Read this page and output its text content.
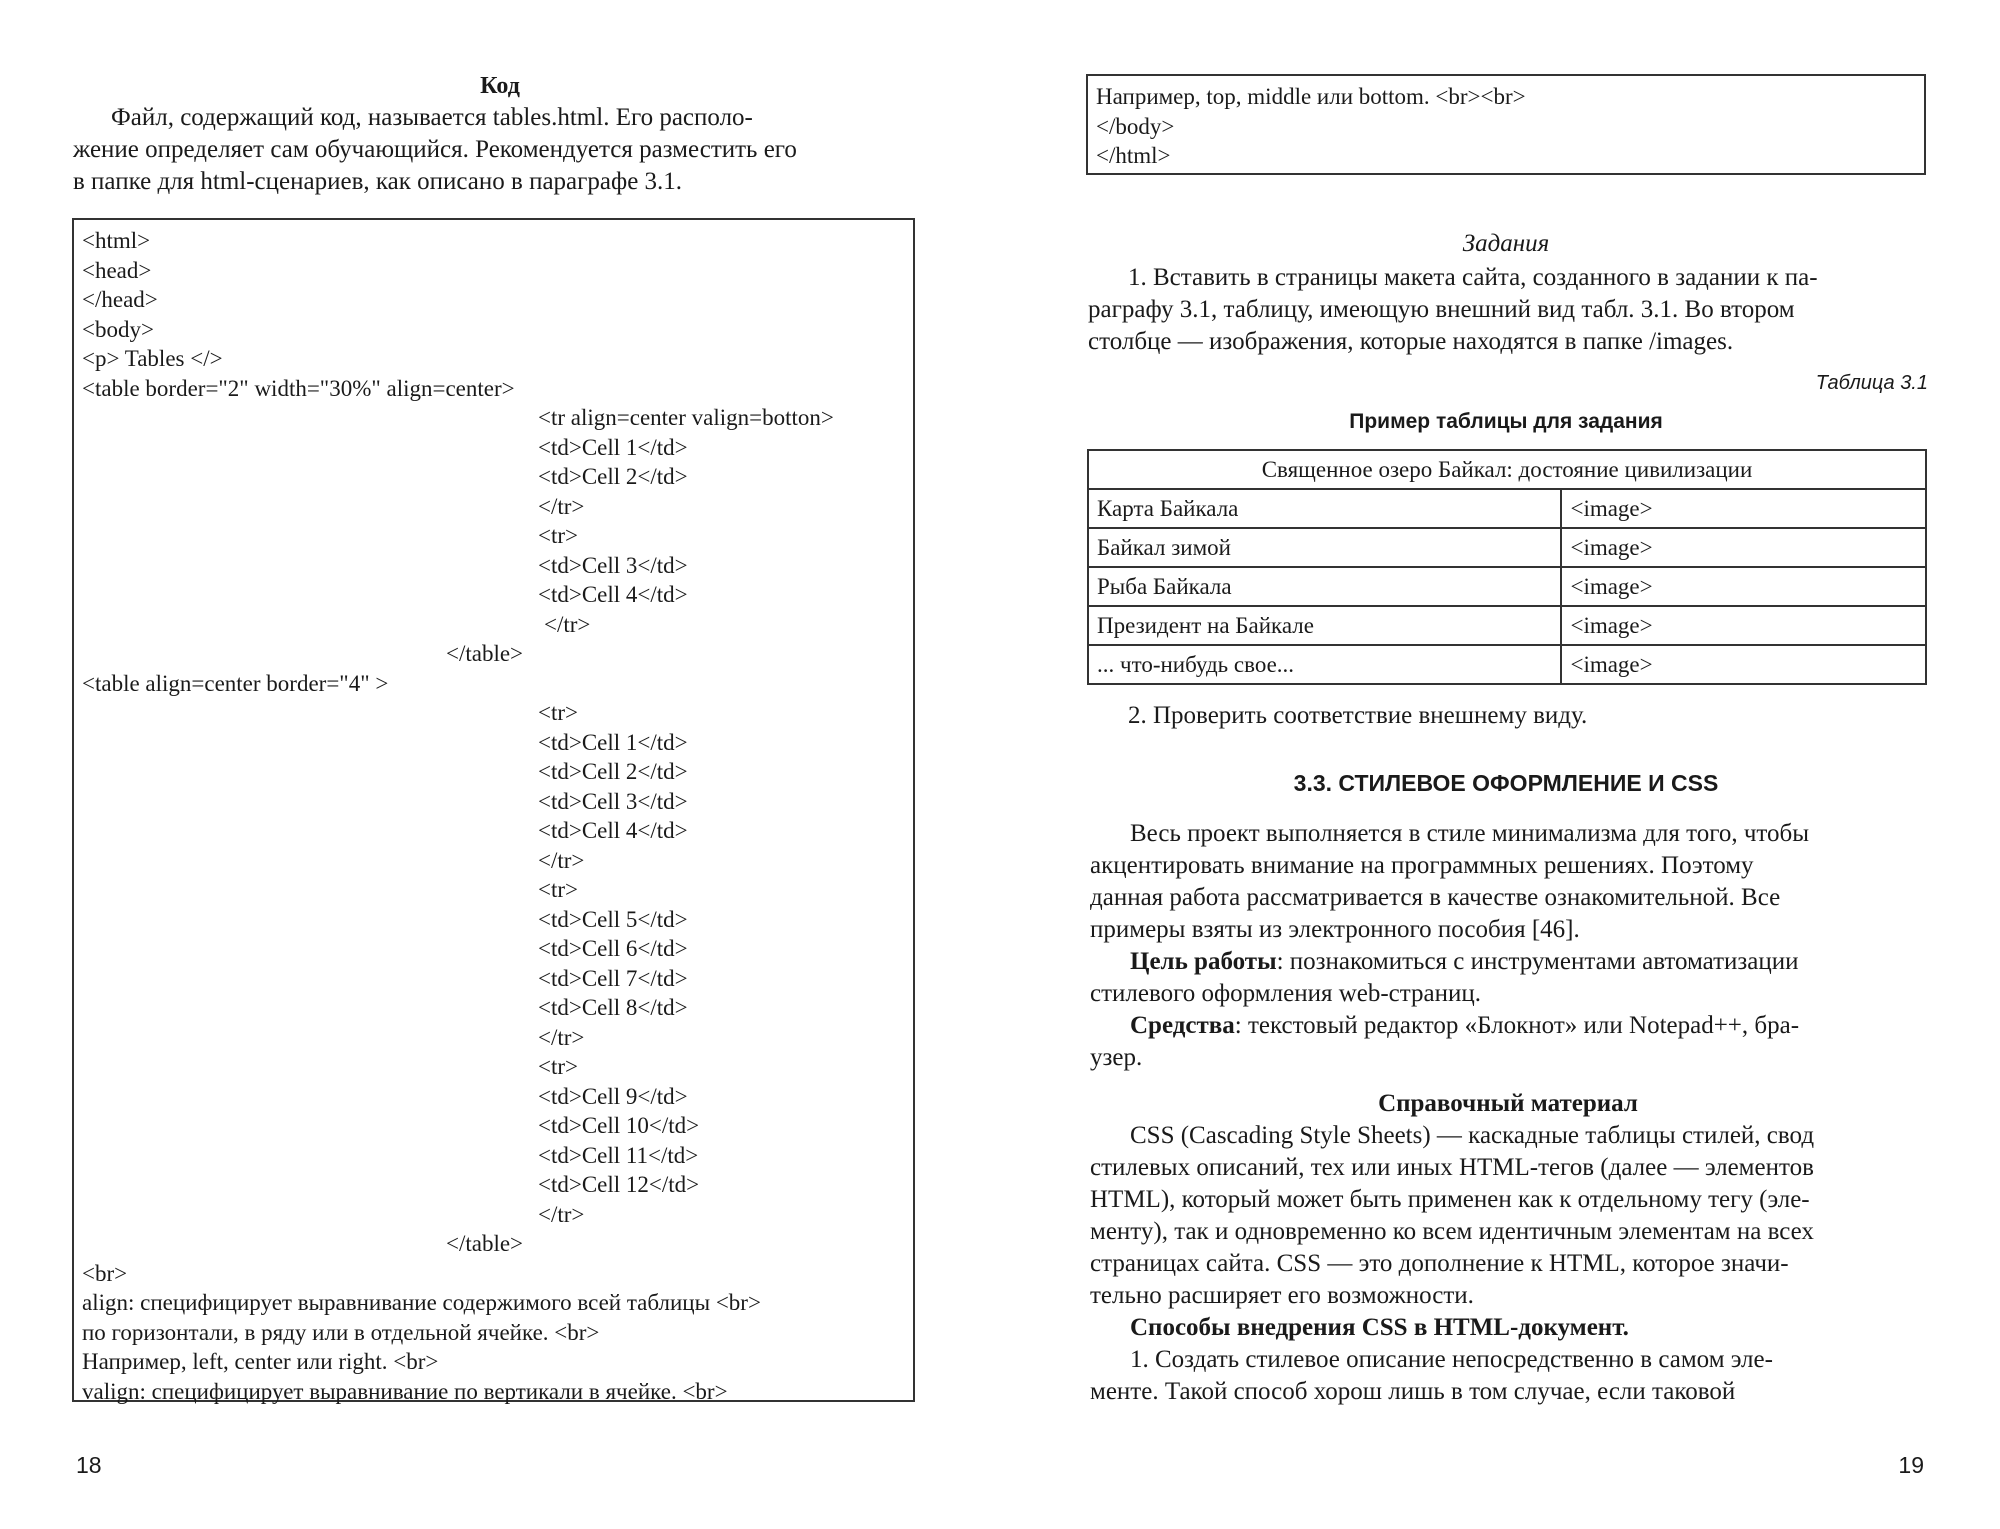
Код
Файл, содержащий код, называется tables.html. Его располо-
жение определяет сам обучающийся. Рекомендуется разместить его
в папке для html-сценариев, как описано в параграфе 3.1.
<html>
<head>
</head>
<body>
<p> Tables </>
<table border="2" width="30%" align=center>
<tr align=center valign=botton>
<td>Cell 1</td>
<td>Cell 2</td>
</tr>
<tr>
<td>Cell 3</td>
<td>Cell 4</td>
</tr>
</table>
<table align=center border="4" >
<tr>
<td>Cell 1</td>
<td>Cell 2</td>
<td>Cell 3</td>
<td>Cell 4</td>
</tr>
<tr>
<td>Cell 5</td>
<td>Cell 6</td>
<td>Cell 7</td>
<td>Cell 8</td>
</tr>
<tr>
<td>Cell 9</td>
<td>Cell 10</td>
<td>Cell 11</td>
<td>Cell 12</td>
</tr>
</table>
<br>
align: специфицирует выравнивание содержимого всей таблицы <br>
по горизонтали, в ряду или в отдельной ячейке. <br>
Например, left, center или right. <br>
valign: специфицирует выравнивание по вертикали в ячейке. <br>
18
Например, top, middle или bottom. <br><br>
</body>
</html>
Задания
1. Вставить в страницы макета сайта, созданного в задании к па-
раграфу 3.1, таблицу, имеющую внешний вид табл. 3.1. Во втором
столбце — изображения, которые находятся в папке /images.
Таблица 3.1
Пример таблицы для задания
Священное озеро Байкал: достояние цивилизации	
Карта Байкала	<image>
Байкал зимой	<image>
Рыба Байкала	<image>
Президент на Байкале	<image>
... что-нибудь свое...	<image>
2. Проверить соответствие внешнему виду.
3.3. СТИЛЕВОЕ ОФОРМЛЕНИЕ И CSS
Весь проект выполняется в стиле минимализма для того, чтобы
акцентировать внимание на программных решениях. Поэтому
данная работа рассматривается в качестве ознакомительной. Все
примеры взяты из электронного пособия [46].
Цель работы: познакомиться с инструментами автоматизации
стилевого оформления web-страниц.
Средства: текстовый редактор «Блокнот» или Notepad++, бра-
узер.
Справочный материал
CSS (Cascading Style Sheets) — каскадные таблицы стилей, свод
стилевых описаний, тех или иных HTML-тегов (далее — элементов
HTML), который может быть применен как к отдельному тегу (эле-
менту), так и одновременно ко всем идентичным элементам на всех
страницах сайта. CSS — это дополнение к HTML, которое значи-
тельно расширяет его возможности.
Способы внедрения CSS в HTML-документ.
1. Создать стилевое описание непосредственно в самом эле-
менте. Такой способ хорош лишь в том случае, если таковой
19
